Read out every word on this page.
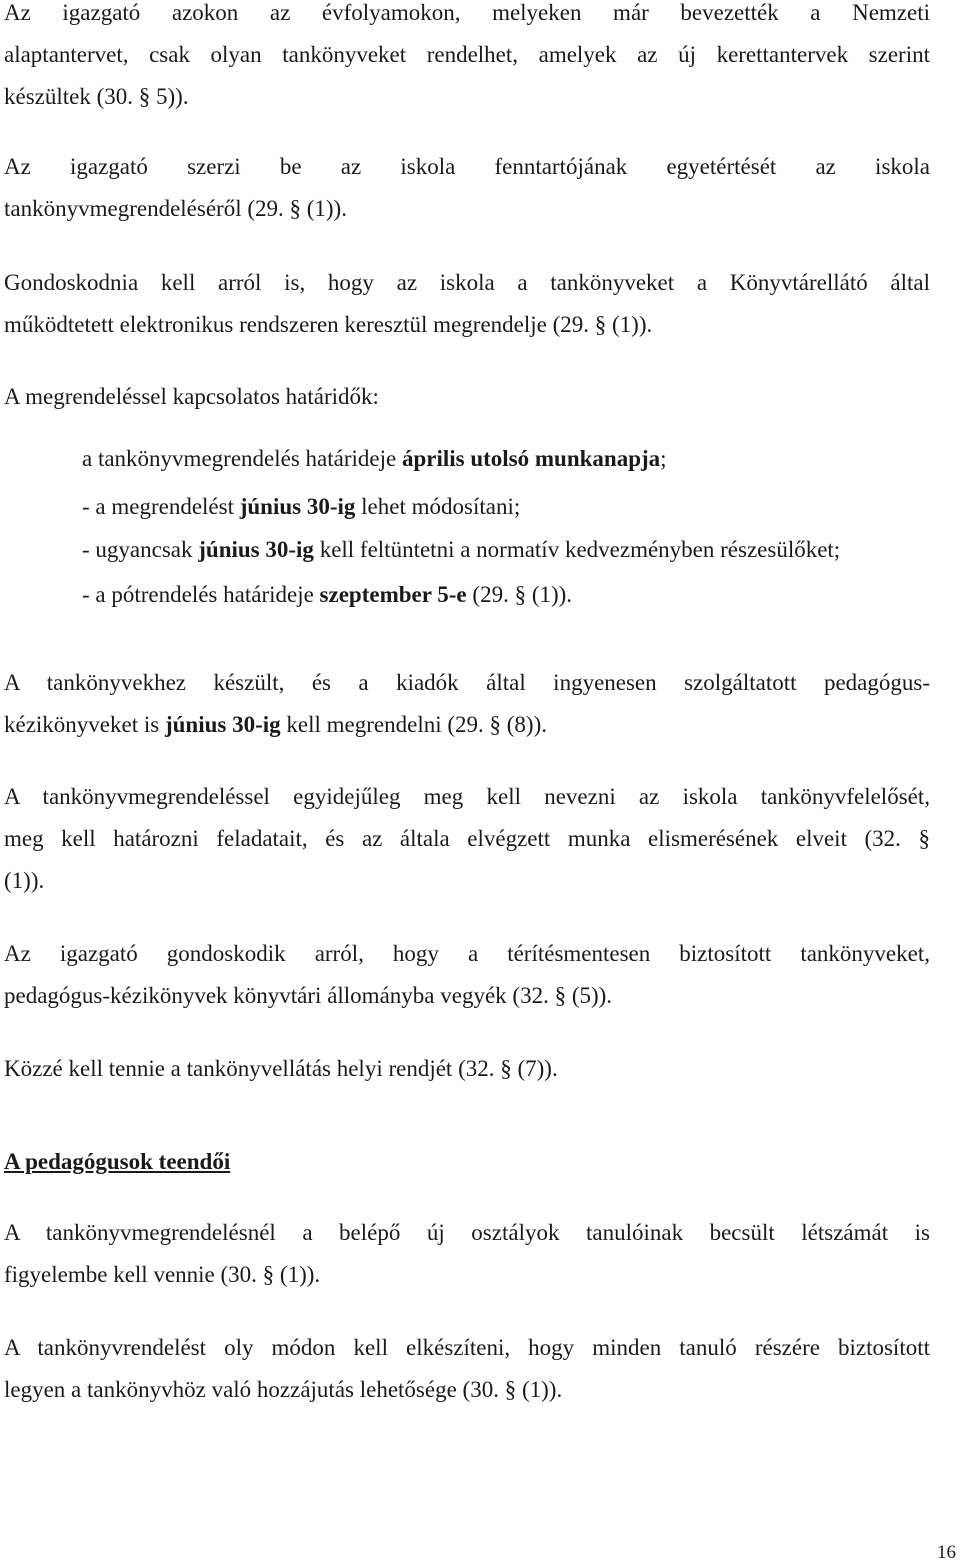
Az igazgató azokon az évfolyamokon, melyeken már bevezették a Nemzeti
alaptantervet, csak olyan tankönyveket rendelhet, amelyek az új kerettantervek szerint
készültek (30. § 5)).
Az igazgató szerzi be az iskola fenntartójának egyetértését az iskola
tankönyvmegrendeléséről (29. § (1)).
Gondoskodnia kell arról is, hogy az iskola a tankönyveket a Könyvtárellátó által
működtetett elektronikus rendszeren keresztül megrendelje (29. § (1)).
A megrendeléssel kapcsolatos határidők:
a tankönyvmegrendelés határideje április utolsó munkanapja;
- a megrendelést június 30-ig lehet módosítani;
- ugyancsak június 30-ig kell feltüntetni a normatív kedvezményben részesülőket;
- a pótrendelés határideje szeptember 5-e (29. § (1)).
A tankönyvekhez készült, és a kiadók által ingyenesen szolgáltatott pedagógus-
kézikönyveket is június 30-ig kell megrendelni (29. § (8)).
A tankönyvmegrendeléssel egyidejűleg meg kell nevezni az iskola tankönyvfelelősét,
meg kell határozni feladatait, és az általa elvégzett munka elismerésének elveit (32. §
(1)).
Az igazgató gondoskodik arról, hogy a térítésmentesen biztosított tankönyveket,
pedagógus-kézikönyvek könyvtári állományba vegyék (32. § (5)).
Közzé kell tennie a tankönyvellátás helyi rendjét (32. § (7)).
A pedagógusok teendői
A tankönyvmegrendelésnél a belépő új osztályok tanulóinak becsült létszámát is
figyelembe kell vennie (30. § (1)).
A tankönyvrendelést oly módon kell elkészíteni, hogy minden tanuló részére biztosított
legyen a tankönyvhöz való hozzájutás lehetősége (30. § (1)).
16
